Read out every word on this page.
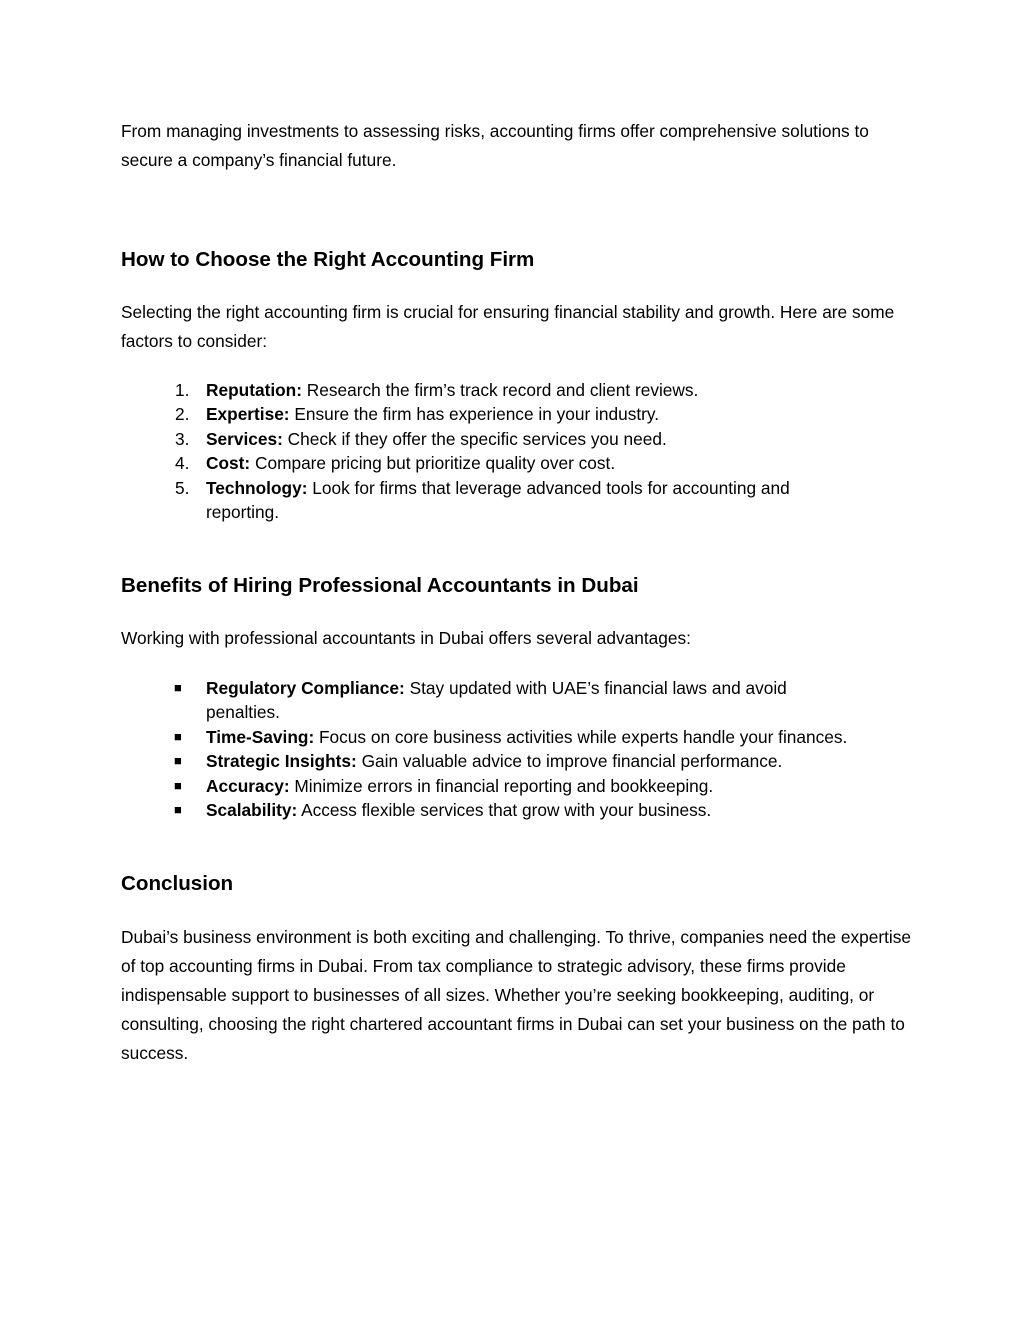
From managing investments to assessing risks, accounting firms offer comprehensive solutions to secure a company’s financial future.

How to Choose the Right Accounting Firm

Selecting the right accounting firm is crucial for ensuring financial stability and growth. Here are some factors to consider:

1. Reputation: Research the firm’s track record and client reviews.
2. Expertise: Ensure the firm has experience in your industry.
3. Services: Check if they offer the specific services you need.
4. Cost: Compare pricing but prioritize quality over cost.
5. Technology: Look for firms that leverage advanced tools for accounting and reporting.
Benefits of Hiring Professional Accountants in Dubai

Working with professional accountants in Dubai offers several advantages:

■	Regulatory Compliance: Stay updated with UAE’s financial laws and avoid penalties.
■	Time-Saving: Focus on core business activities while experts handle your finances.
■	Strategic Insights: Gain valuable advice to improve financial performance.
■	Accuracy: Minimize errors in financial reporting and bookkeeping.
■	Scalability: Access flexible services that grow with your business.
Conclusion

Dubai’s business environment is both exciting and challenging. To thrive, companies need the expertise of top accounting firms in Dubai. From tax compliance to strategic advisory, these firms provide indispensable support to businesses of all sizes. Whether you’re seeking bookkeeping, auditing, or consulting, choosing the right chartered accountant firms in Dubai can set your business on the path to success.
